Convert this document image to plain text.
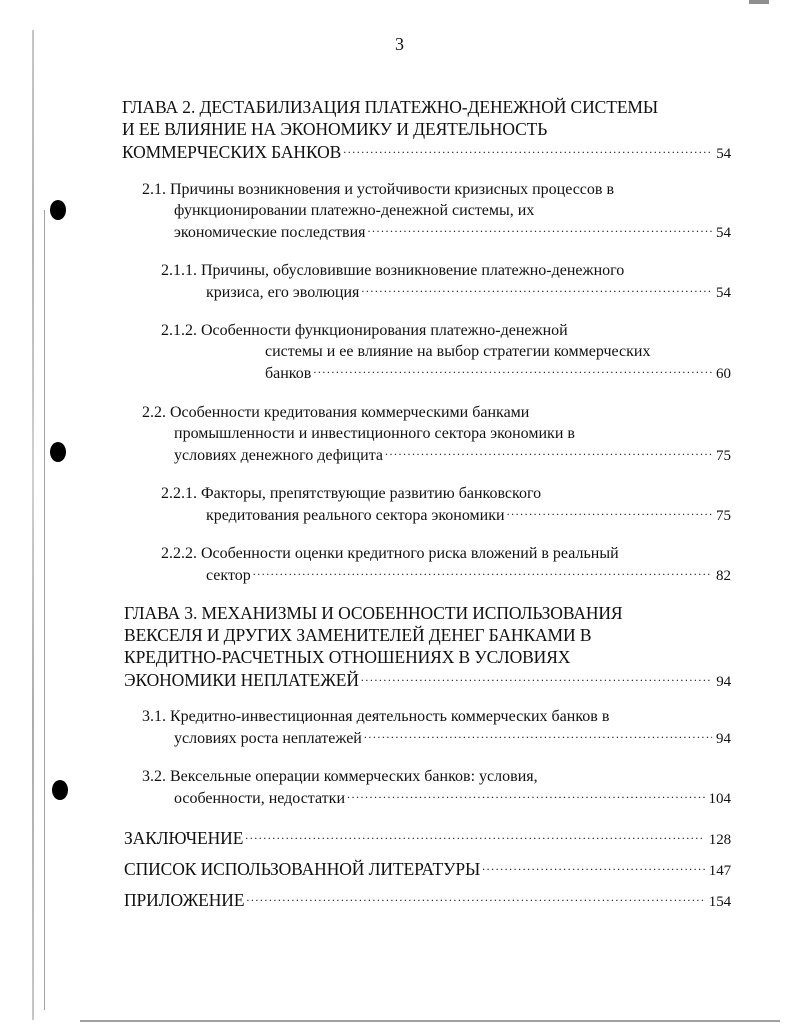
3
ГЛАВА 2. ДЕСТАБИЛИЗАЦИЯ ПЛАТЕЖНО-ДЕНЕЖНОЙ СИСТЕМЫ
И ЕЕ ВЛИЯНИЕ НА ЭКОНОМИКУ И ДЕЯТЕЛЬНОСТЬ
КОММЕРЧЕСКИХ БАНКОВ .....	54
2.1. Причины возникновения и устойчивости кризисных процессов в
функционировании платежно-денежной системы, их
экономические последствия .....	54
2.1.1. Причины, обусловившие возникновение платежно-денежного
кризиса, его эволюция .....	54
2.1.2. Особенности функционирования платежно-денежной
системы и ее влияние на выбор стратегии коммерческих
банков .....	60
2.2. Особенности кредитования коммерческими банками
промышленности и инвестиционного сектора экономики в
условиях денежного дефицита .....	75
2.2.1. Факторы, препятствующие развитию банковского
кредитования реального сектора экономики .....	75
2.2.2. Особенности оценки кредитного риска вложений в реальный
сектор .....	82
ГЛАВА 3. МЕХАНИЗМЫ И ОСОБЕННОСТИ ИСПОЛЬЗОВАНИЯ
ВЕКСЕЛЯ И ДРУГИХ ЗАМЕНИТЕЛЕЙ ДЕНЕГ БАНКАМИ В
КРЕДИТНО-РАСЧЕТНЫХ ОТНОШЕНИЯХ В УСЛОВИЯХ
ЭКОНОМИКИ НЕПЛАТЕЖЕЙ .....	94
3.1. Кредитно-инвестиционная деятельность коммерческих банков в
условиях роста неплатежей .....	94
3.2. Вексельные операции коммерческих банков: условия,
особенности, недостатки .....	104
ЗАКЛЮЧЕНИЕ .....	128
СПИСОК ИСПОЛЬЗОВАННОЙ ЛИТЕРАТУРЫ .....	147
ПРИЛОЖЕНИЕ .....	154
